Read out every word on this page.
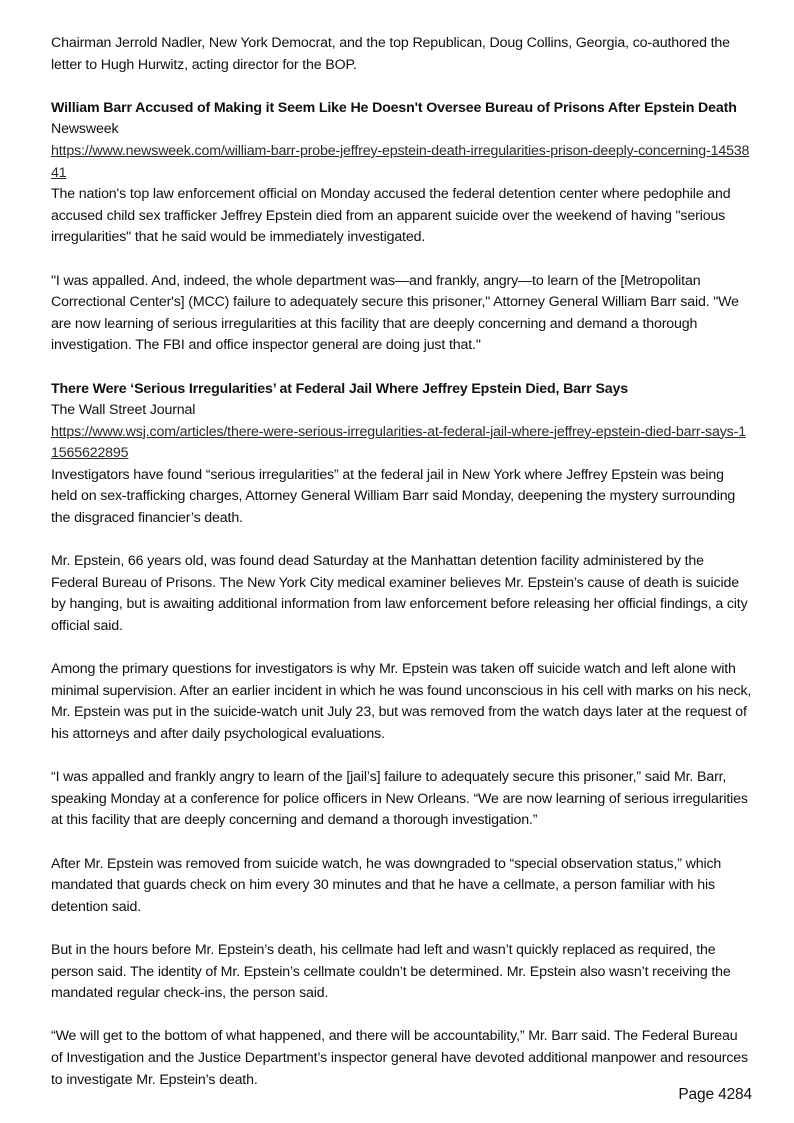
Chairman Jerrold Nadler, New York Democrat, and the top Republican, Doug Collins, Georgia, co-authored the letter to Hugh Hurwitz, acting director for the BOP.

William Barr Accused of Making it Seem Like He Doesn't Oversee Bureau of Prisons After Epstein Death

Newsweek

https://www.newsweek.com/william-barr-probe-jeffrey-epstein-death-irregularities-prison-deeply-concerning-1453841

The nation's top law enforcement official on Monday accused the federal detention center where pedophile and accused child sex trafficker Jeffrey Epstein died from an apparent suicide over the weekend of having "serious irregularities" that he said would be immediately investigated.

"I was appalled. And, indeed, the whole department was—and frankly, angry—to learn of the [Metropolitan Correctional Center's] (MCC) failure to adequately secure this prisoner," Attorney General William Barr said. "We are now learning of serious irregularities at this facility that are deeply concerning and demand a thorough investigation. The FBI and office inspector general are doing just that."

There Were ‘Serious Irregularities’ at Federal Jail Where Jeffrey Epstein Died, Barr Says

The Wall Street Journal

https://www.wsj.com/articles/there-were-serious-irregularities-at-federal-jail-where-jeffrey-epstein-died-barr-says-11565622895

Investigators have found “serious irregularities” at the federal jail in New York where Jeffrey Epstein was being held on sex-trafficking charges, Attorney General William Barr said Monday, deepening the mystery surrounding the disgraced financier’s death.

Mr. Epstein, 66 years old, was found dead Saturday at the Manhattan detention facility administered by the Federal Bureau of Prisons. The New York City medical examiner believes Mr. Epstein’s cause of death is suicide by hanging, but is awaiting additional information from law enforcement before releasing her official findings, a city official said.

Among the primary questions for investigators is why Mr. Epstein was taken off suicide watch and left alone with minimal supervision. After an earlier incident in which he was found unconscious in his cell with marks on his neck, Mr. Epstein was put in the suicide-watch unit July 23, but was removed from the watch days later at the request of his attorneys and after daily psychological evaluations.

“I was appalled and frankly angry to learn of the [jail’s] failure to adequately secure this prisoner,” said Mr. Barr, speaking Monday at a conference for police officers in New Orleans. “We are now learning of serious irregularities at this facility that are deeply concerning and demand a thorough investigation.”

After Mr. Epstein was removed from suicide watch, he was downgraded to “special observation status,” which mandated that guards check on him every 30 minutes and that he have a cellmate, a person familiar with his detention said.

But in the hours before Mr. Epstein’s death, his cellmate had left and wasn’t quickly replaced as required, the person said. The identity of Mr. Epstein’s cellmate couldn’t be determined. Mr. Epstein also wasn’t receiving the mandated regular check-ins, the person said.

“We will get to the bottom of what happened, and there will be accountability,” Mr. Barr said. The Federal Bureau of Investigation and the Justice Department’s inspector general have devoted additional manpower and resources to investigate Mr. Epstein’s death.

Page 4284
